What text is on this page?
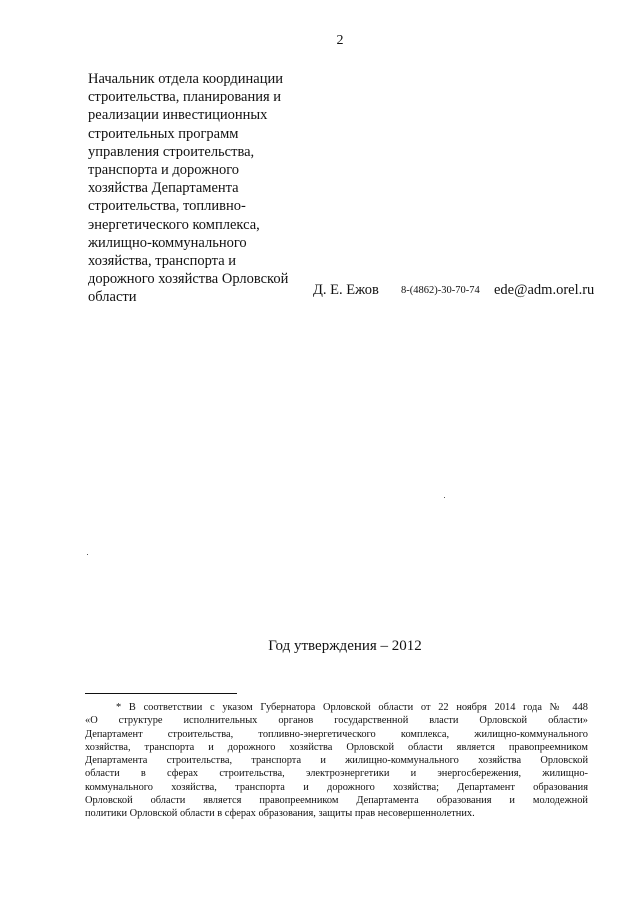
2
Начальник отдела координации
строительства, планирования и
реализации инвестиционных
строительных программ
управления строительства,
транспорта и дорожного
хозяйства Департамента
строительства, топливно-
энергетического комплекса,
жилищно-коммунального
хозяйства, транспорта и
дорожного хозяйства Орловской
области	Д. Е. Ежов 8-(4862)-30-70-74 ede@adm.orel.ru
Год утверждения – 2012
* В соответствии с указом Губернатора Орловской области от 22 ноября 2014 года № 448
«О структуре исполнительных органов государственной власти Орловской области»
Департамент строительства, топливно-энергетического комплекса, жилищно-коммунального
хозяйства, транспорта и дорожного хозяйства Орловской области является правопреемником
Департамента строительства, транспорта и жилищно-коммунального хозяйства Орловской
области в сферах строительства, электроэнергетики и энергосбережения, жилищно-
коммунального хозяйства, транспорта и дорожного хозяйства; Департамент образования
Орловской области является правопреемником Департамента образования и молодежной
политики Орловской области в сферах образования, защиты прав несовершеннолетних.
